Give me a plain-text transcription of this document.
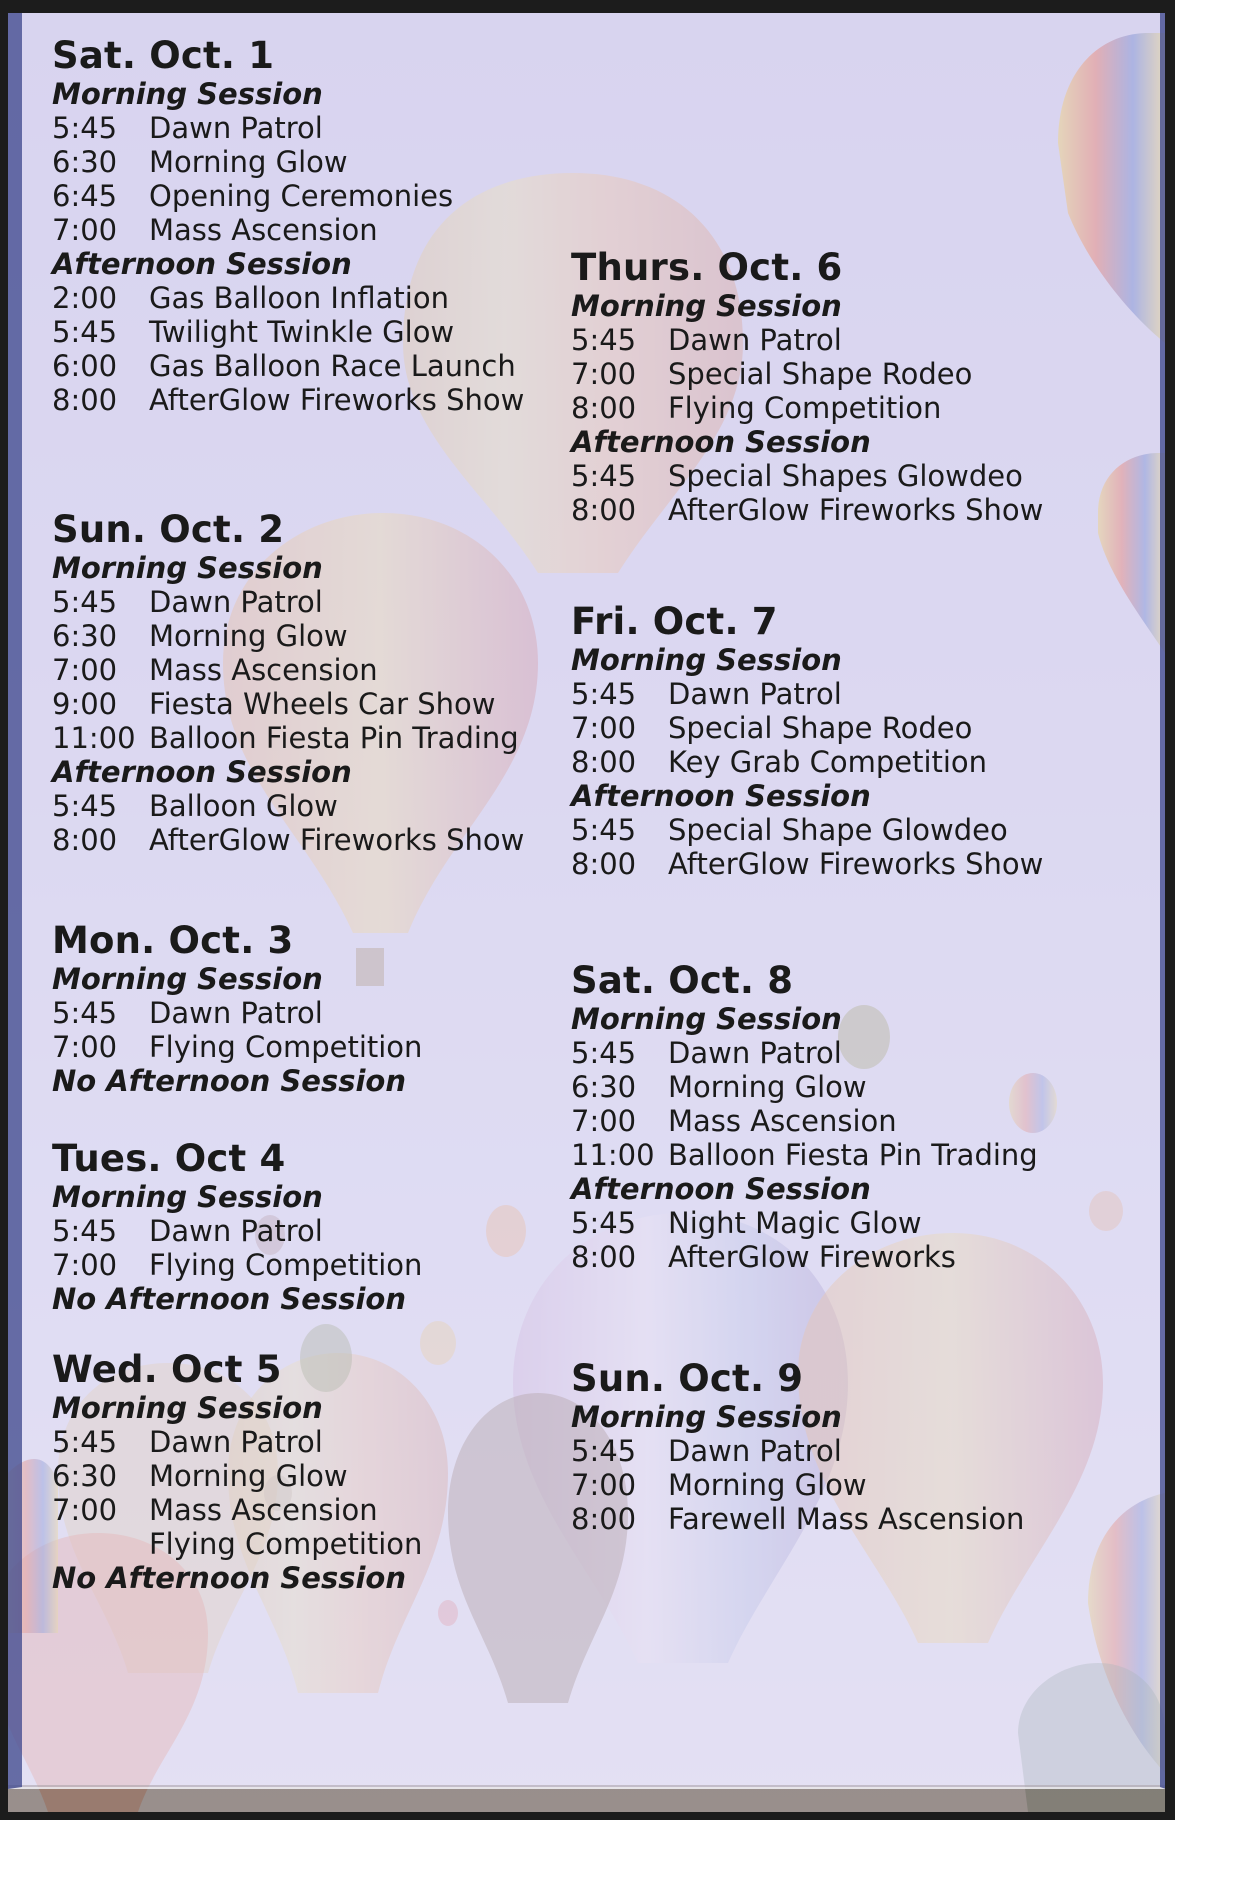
Sat. Oct. 1
Morning Session
5:45	Dawn Patrol
6:30	Morning Glow
6:45	Opening Ceremonies
7:00	Mass Ascension
Afternoon Session
2:00	Gas Balloon Inflation
5:45	Twilight Twinkle Glow
6:00	Gas Balloon Race Launch
8:00	AfterGlow Fireworks Show
Sun. Oct. 2
Morning Session
5:45	Dawn Patrol
6:30	Morning Glow
7:00	Mass Ascension
9:00	Fiesta Wheels Car Show
11:00 Balloon Fiesta Pin Trading
Afternoon Session
5:45	Balloon Glow
8:00	AfterGlow Fireworks Show
Mon. Oct. 3
Morning Session
5:45	Dawn Patrol
7:00	Flying Competition
No Afternoon Session
Tues. Oct 4
Morning Session
5:45	Dawn Patrol
7:00	Flying Competition
No Afternoon Session
Wed. Oct 5
Morning Session
5:45	Dawn Patrol
6:30	Morning Glow
7:00	Mass Ascension
Flying Competition
No Afternoon Session
Thurs. Oct. 6
Morning Session
5:45	Dawn Patrol
7:00	Special Shape Rodeo
8:00	Flying Competition
Afternoon Session
5:45	Special Shapes Glowdeo
8:00	AfterGlow Fireworks Show
Fri. Oct. 7
Morning Session
5:45	Dawn Patrol
7:00	Special Shape Rodeo
8:00	Key Grab Competition
Afternoon Session
5:45	Special Shape Glowdeo
8:00	AfterGlow Fireworks Show
Sat. Oct. 8
Morning Session
5:45	Dawn Patrol
6:30	Morning Glow
7:00	Mass Ascension
11:00 Balloon Fiesta Pin Trading
Afternoon Session
5:45	Night Magic Glow
8:00	AfterGlow Fireworks
Sun. Oct. 9
Morning Session
5:45	Dawn Patrol
7:00	Morning Glow
8:00	Farewell Mass Ascension
